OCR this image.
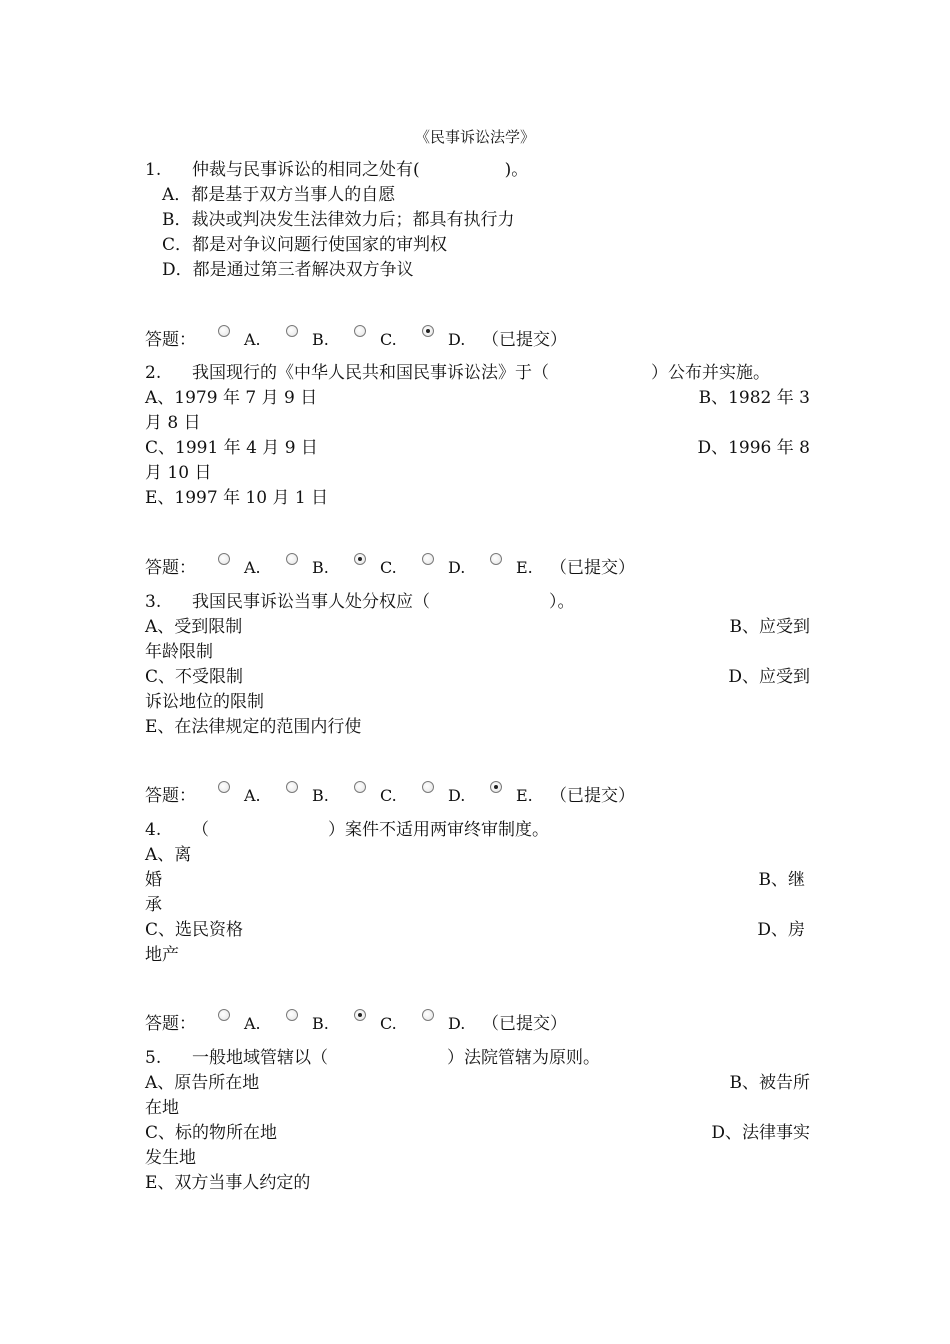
《民事诉讼法学》
1. 仲裁与民事诉讼的相同之处有(　　　　　)。
A．都是基于双方当事人的自愿
B．裁决或判决发生法律效力后；都具有执行力
C．都是对争议问题行使国家的审判权
D．都是通过第三者解决双方争议
答题：	A.	B.	C.	D. （已提交）
2. 我国现行的《中华人民共和国民事诉讼法》于（　　　　　　）公布并实施。
A、1979 年 7 月 9 日	B、1982 年 3
月 8 日
C、1991 年 4 月 9 日	D、1996 年 8
月 10 日
E、1997 年 10 月 1 日
答题：	A.	B.	C.	D.	E. （已提交）
3. 我国民事诉讼当事人处分权应（　　　　　　　）。
A、受到限制	B、应受到
年龄限制
C、不受限制	D、应受到
诉讼地位的限制
E、在法律规定的范围内行使
答题：	A.	B.	C.	D.	E. （已提交）
4. （　　　　　　　）案件不适用两审终审制度。
A、离
婚	B、继
承
C、选民资格	D、房
地产
答题：	A.	B.	C.	D. （已提交）
5. 一般地域管辖以（　　　　　　　）法院管辖为原则。
A、原告所在地	B、被告所
在地
C、标的物所在地	D、法律事实
发生地
E、双方当事人约定的
